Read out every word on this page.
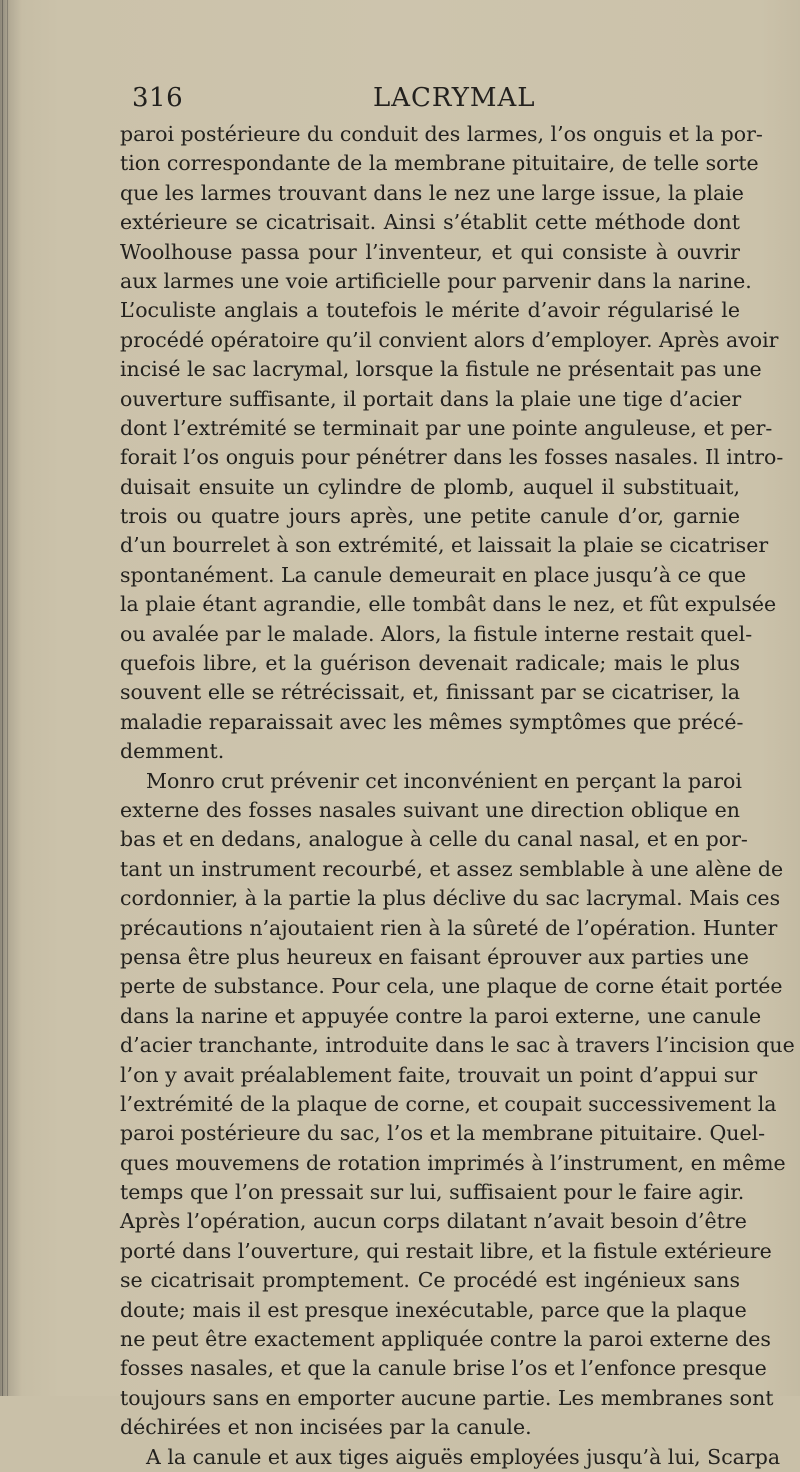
316	LACRYMAL
paroi postérieure du conduit des larmes, l’os onguis et la por-
tion correspondante de la membrane pituitaire, de telle sorte
que les larmes trouvant dans le nez une large issue, la plaie
extérieure se cicatrisait. Ainsi s’établit cette méthode dont
Woolhouse passa pour l’inventeur, et qui consiste à ouvrir
aux larmes une voie artificielle pour parvenir dans la narine.
L’oculiste anglais a toutefois le mérite d’avoir régularisé le
procédé opératoire qu’il convient alors d’employer. Après avoir
incisé le sac lacrymal, lorsque la fistule ne présentait pas une
ouverture suffisante, il portait dans la plaie une tige d’acier
dont l’extrémité se terminait par une pointe anguleuse, et per-
forait l’os onguis pour pénétrer dans les fosses nasales. Il intro-
duisait ensuite un cylindre de plomb, auquel il substituait,
trois ou quatre jours après, une petite canule d’or, garnie
d’un bourrelet à son extrémité, et laissait la plaie se cicatriser
spontanément. La canule demeurait en place jusqu’à ce que
la plaie étant agrandie, elle tombât dans le nez, et fût expulsée
ou avalée par le malade. Alors, la fistule interne restait quel-
quefois libre, et la guérison devenait radicale; mais le plus
souvent elle se rétrécissait, et, finissant par se cicatriser, la
maladie reparaissait avec les mêmes symptômes que précé-
demment.
Monro crut prévenir cet inconvénient en perçant la paroi
externe des fosses nasales suivant une direction oblique en
bas et en dedans, analogue à celle du canal nasal, et en por-
tant un instrument recourbé, et assez semblable à une alène de
cordonnier, à la partie la plus déclive du sac lacrymal. Mais ces
précautions n’ajoutaient rien à la sûreté de l’opération. Hunter
pensa être plus heureux en faisant éprouver aux parties une
perte de substance. Pour cela, une plaque de corne était portée
dans la narine et appuyée contre la paroi externe, une canule
d’acier tranchante, introduite dans le sac à travers l’incision que
l’on y avait préalablement faite, trouvait un point d’appui sur
l’extrémité de la plaque de corne, et coupait successivement la
paroi postérieure du sac, l’os et la membrane pituitaire. Quel-
ques mouvemens de rotation imprimés à l’instrument, en même
temps que l’on pressait sur lui, suffisaient pour le faire agir.
Après l’opération, aucun corps dilatant n’avait besoin d’être
porté dans l’ouverture, qui restait libre, et la fistule extérieure
se cicatrisait promptement. Ce procédé est ingénieux sans
doute; mais il est presque inexécutable, parce que la plaque
ne peut être exactement appliquée contre la paroi externe des
fosses nasales, et que la canule brise l’os et l’enfonce presque
toujours sans en emporter aucune partie. Les membranes sont
déchirées et non incisées par la canule.
A la canule et aux tiges aiguës employées jusqu’à lui, Scarpa
